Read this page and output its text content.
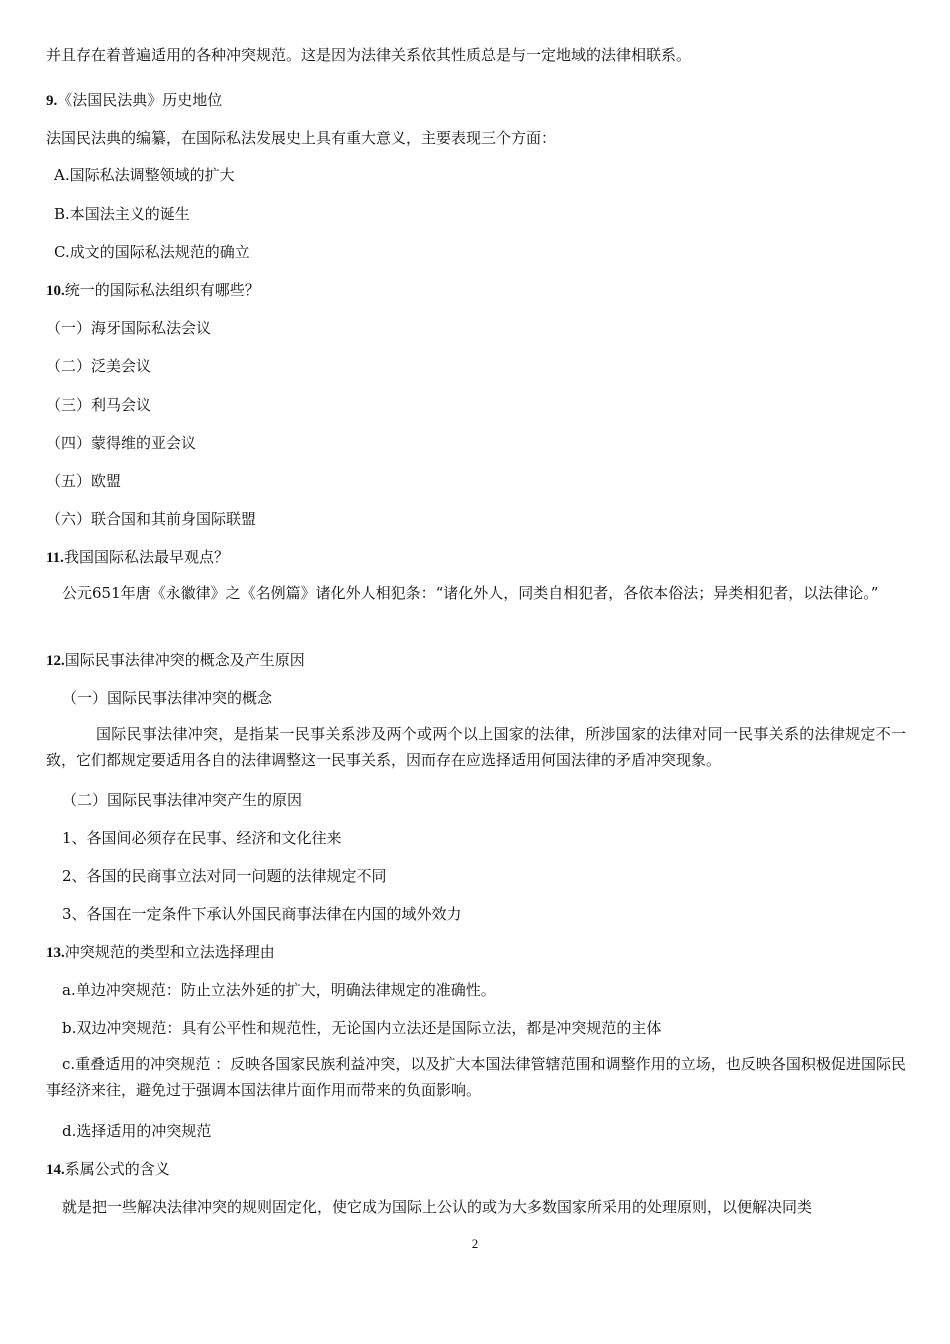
并且存在着普遍适用的各种冲突规范。这是因为法律关系依其性质总是与一定地域的法律相联系。
9.《法国民法典》历史地位
法国民法典的编纂，在国际私法发展史上具有重大意义，主要表现三个方面：
A.国际私法调整领域的扩大
B.本国法主义的诞生
C.成文的国际私法规范的确立
10.统一的国际私法组织有哪些？
（一）海牙国际私法会议
（二）泛美会议
（三）利马会议
（四）蒙得维的亚会议
（五）欧盟
（六）联合国和其前身国际联盟
11.我国国际私法最早观点？
公元651年唐《永徽律》之《名例篇》诸化外人相犯条：“诸化外人，同类自相犯者，各依本俗法；异类相犯者，以法律论。”
12.国际民事法律冲突的概念及产生原因
（一）国际民事法律冲突的概念
国际民事法律冲突，是指某一民事关系涉及两个或两个以上国家的法律，所涉国家的法律对同一民事关系的法律规定不一致，它们都规定要适用各自的法律调整这一民事关系，因而存在应选择适用何国法律的矛盾冲突现象。
（二）国际民事法律冲突产生的原因
1、各国间必须存在民事、经济和文化往来
2、各国的民商事立法对同一问题的法律规定不同
3、各国在一定条件下承认外国民商事法律在内国的域外效力
13.冲突规范的类型和立法选择理由
a.单边冲突规范：防止立法外延的扩大，明确法律规定的准确性。
b.双边冲突规范：具有公平性和规范性，无论国内立法还是国际立法，都是冲突规范的主体
c.重叠适用的冲突规范 ：反映各国家民族利益冲突，以及扩大本国法律管辖范围和调整作用的立场，也反映各国积极促进国际民事经济来往，避免过于强调本国法律片面作用而带来的负面影响。
d.选择适用的冲突规范
14.系属公式的含义
就是把一些解决法律冲突的规则固定化，使它成为国际上公认的或为大多数国家所采用的处理原则，以便解决同类
2
